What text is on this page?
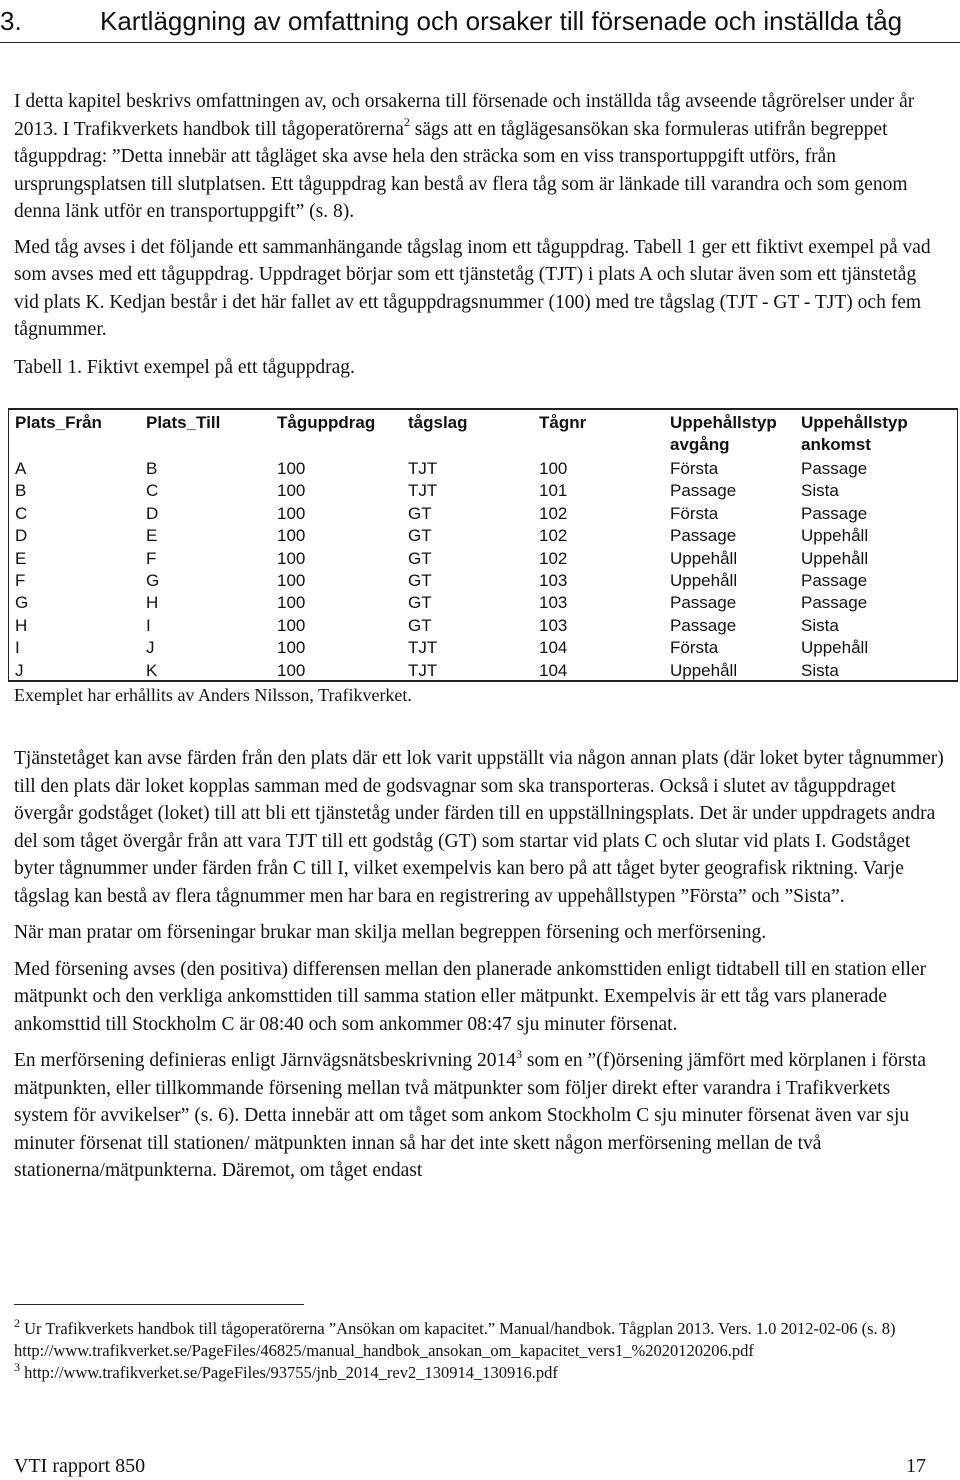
3.	Kartläggning av omfattning och orsaker till försenade och inställda tåg

I detta kapitel beskrivs omfattningen av, och orsakerna till försenade och inställda tåg avseende tågrörelser under år 2013. I Trafikverkets handbok till tågoperatörerna$^2$ sägs att en tåglägesansökan ska formuleras utifrån begreppet tåguppdrag: ”Detta innebär att tågläget ska avse hela den sträcka som en viss transportuppgift utförs, från ursprungsplatsen till slutplatsen. Ett tåguppdrag kan bestå av flera tåg som är länkade till varandra och som genom denna länk utför en transportuppgift” (s. 8).

Med tåg avses i det följande ett sammanhängande tågslag inom ett tåguppdrag. Tabell 1 ger ett fiktivt exempel på vad som avses med ett tåguppdrag. Uppdraget börjar som ett tjänstetåg (TJT) i plats A och slutar även som ett tjänstetåg vid plats K. Kedjan består i det här fallet av ett tåguppdragsnummer (100) med tre tågslag (TJT - GT - TJT) och fem tågnummer.

Tabell 1. Fiktivt exempel på ett tåguppdrag.

Plats_Från	Plats_Till	Tåguppdrag	tågslag	Tågnr	Uppehållstyp avgång	Uppehållstyp ankomst
A	B	100	TJT	100	Första	Passage
B	C	100	TJT	101	Passage	Sista
C	D	100	GT	102	Första	Passage
D	E	100	GT	102	Passage	Uppehåll
E	F	100	GT	102	Uppehåll	Uppehåll
F	G	100	GT	103	Uppehåll	Passage
G	H	100	GT	103	Passage	Passage
H	I	100	GT	103	Passage	Sista
I	J	100	TJT	104	Första	Uppehåll
J	K	100	TJT	104	Uppehåll	Sista
Exemplet har erhållits av Anders Nilsson, Trafikverket.

Tjänstetåget kan avse färden från den plats där ett lok varit uppställt via någon annan plats (där loket byter tågnummer) till den plats där loket kopplas samman med de godsvagnar som ska transporteras. Också i slutet av tåguppdraget övergår godståget (loket) till att bli ett tjänstetåg under färden till en uppställningsplats. Det är under uppdragets andra del som tåget övergår från att vara TJT till ett godståg (GT) som startar vid plats C och slutar vid plats I. Godståget byter tågnummer under färden från C till I, vilket exempelvis kan bero på att tåget byter geografisk riktning. Varje tågslag kan bestå av flera tågnummer men har bara en registrering av uppehållstypen ”Första” och ”Sista”.

När man pratar om förseningar brukar man skilja mellan begreppen försening och merförsening.

Med försening avses (den positiva) differensen mellan den planerade ankomsttiden enligt tidtabell till en station eller mätpunkt och den verkliga ankomsttiden till samma station eller mätpunkt. Exempelvis är ett tåg vars planerade ankomsttid till Stockholm C är 08:40 och som ankommer 08:47 sju minuter försenat.

En merförsening definieras enligt Järnvägsnätsbeskrivning 2014$^3$ som en ”(f)örsening jämfört med körplanen i första mätpunkten, eller tillkommande försening mellan två mätpunkter som följer direkt efter varandra i Trafikverkets system för avvikelser” (s. 6). Detta innebär att om tåget som ankom Stockholm C sju minuter försenat även var sju minuter försenat till stationen/ mätpunkten innan så har det inte skett någon merförsening mellan de två stationerna/mätpunkterna. Däremot, om tåget endast

$^2$ Ur Trafikverkets handbok till tågoperatörerna ”Ansökan om kapacitet.” Manual/handbok. Tågplan 2013. Vers. 1.0 2012-02-06 (s. 8)

http://www.trafikverket.se/PageFiles/46825/manual_handbok_ansokan_om_kapacitet_vers1_%2020120206.pdf

$^3$ http://www.trafikverket.se/PageFiles/93755/jnb_2014_rev2_130914_130916.pdf

VTI rapport 850	17
